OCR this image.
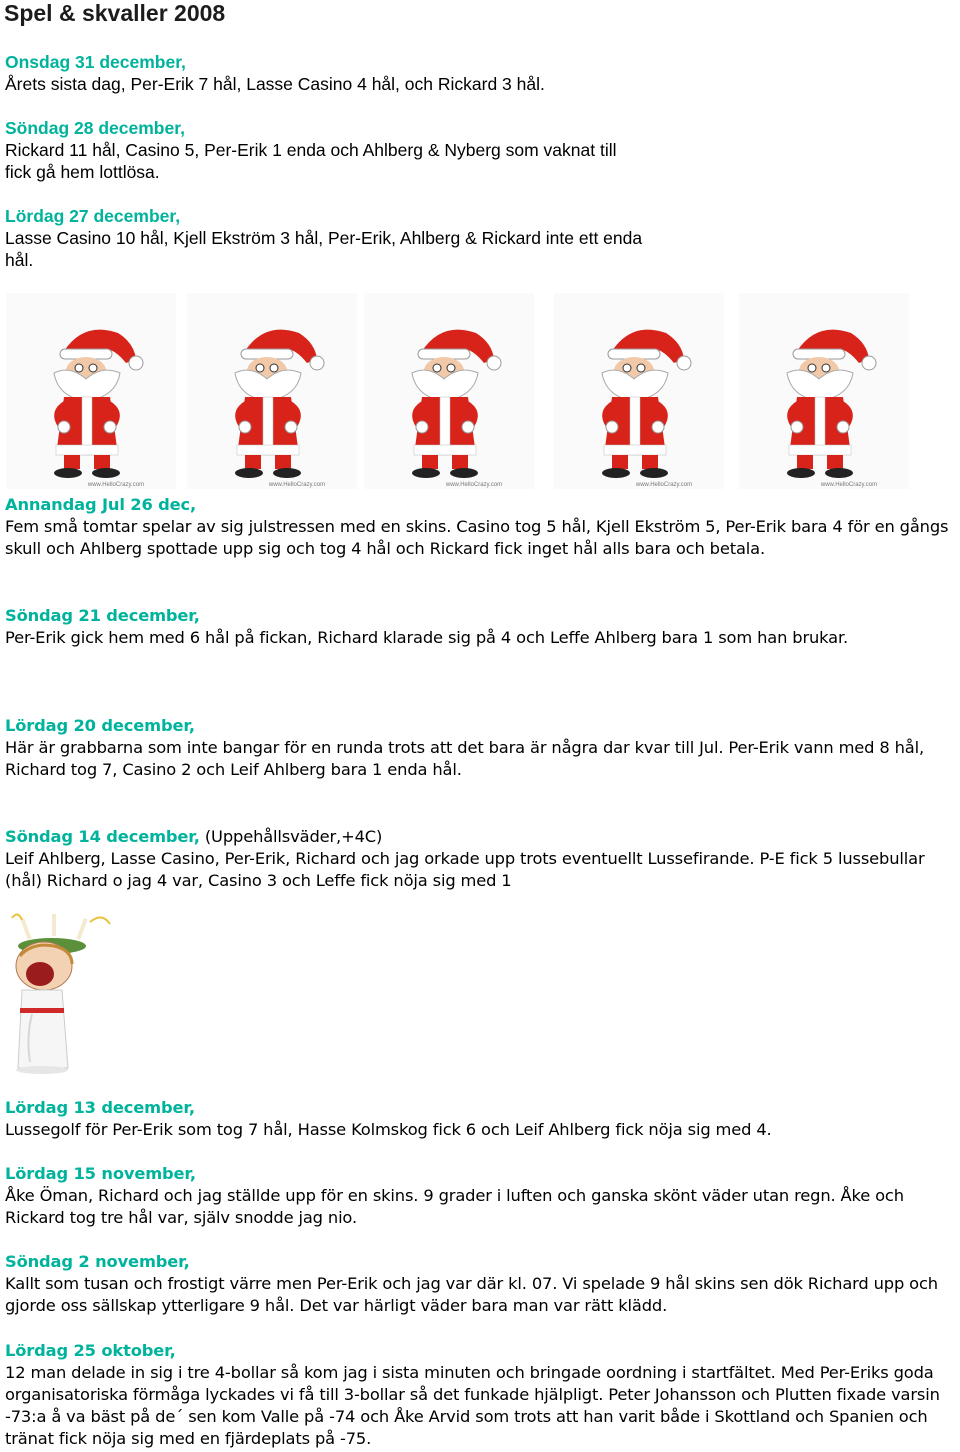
Spel & skvaller 2008
Onsdag 31 december,

Årets sista dag, Per-Erik 7 hål, Lasse Casino 4 hål, och Rickard 3 hål.

Söndag 28 december,

Rickard 11 hål, Casino 5, Per-Erik 1 enda och Ahlberg & Nyberg som vaknat till fick gå hem lottlösa.

Lördag 27 december,

Lasse Casino 10 hål, Kjell Ekström 3 hål, Per-Erik, Ahlberg & Rickard inte ett enda hål.

Annandag Jul 26 dec,

Fem små tomtar spelar av sig julstressen med en skins. Casino tog 5 hål, Kjell Ekström 5, Per-Erik bara 4 för en gångs skull och Ahlberg spottade upp sig och tog 4 hål och Rickard fick inget hål alls bara och betala.

Söndag 21 december,

Per-Erik gick hem med 6 hål på fickan, Richard klarade sig på 4 och Leffe Ahlberg bara 1 som han brukar.

Lördag 20 december,

Här är grabbarna som inte bangar för en runda trots att det bara är några dar kvar till Jul. Per-Erik vann med 8 hål, Richard tog 7, Casino 2 och Leif Ahlberg bara 1 enda hål.

Söndag 14 december, (Uppehållsväder,+4C)

Leif Ahlberg, Lasse Casino, Per-Erik, Richard och jag orkade upp trots eventuellt Lussefirande. P-E fick 5 lussebullar (hål) Richard o jag 4 var, Casino 3 och Leffe fick nöja sig med 1

Lördag 13 december,

Lussegolf för Per-Erik som tog 7 hål, Hasse Kolmskog fick 6 och Leif Ahlberg fick nöja sig med 4.

Lördag 15 november,

Åke Öman, Richard och jag ställde upp för en skins. 9 grader i luften och ganska skönt väder utan regn. Åke och Rickard tog tre hål var, själv snodde jag nio.

Söndag 2 november,

Kallt som tusan och frostigt värre men Per-Erik och jag var där kl. 07. Vi spelade 9 hål skins sen dök Richard upp och gjorde oss sällskap ytterligare 9 hål. Det var härligt väder bara man var rätt klädd.

Lördag 25 oktober,

12 man delade in sig i tre 4-bollar så kom jag i sista minuten och bringade oordning i startfältet. Med Per-Eriks goda organisatoriska förmåga lyckades vi få till 3-bollar så det funkade hjälpligt. Peter Johansson och Plutten fixade varsin -73:a å va bäst på de´ sen kom Valle på -74 och Åke Arvid som trots att han varit både i Skottland och Spanien och tränat fick nöja sig med en fjärdeplats på -75.
